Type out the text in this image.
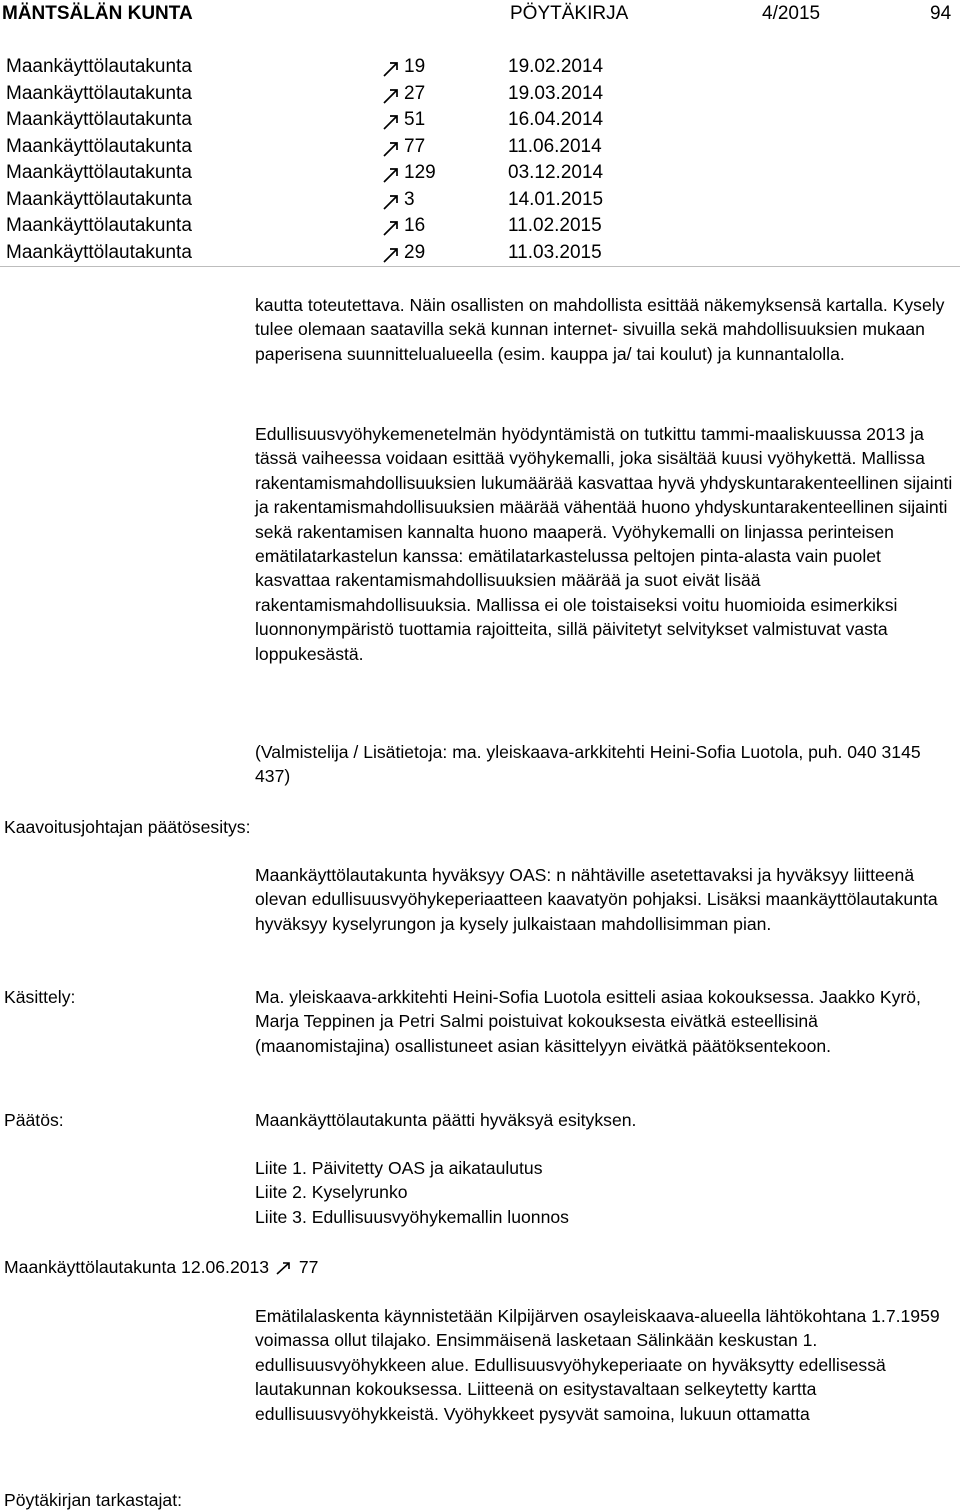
MÄNTSÄLÄN KUNTA	PÖYTÄKIRJA	4/2015	94
Maankäyttölautakunta	19	19.02.2014
Maankäyttölautakunta	27	19.03.2014
Maankäyttölautakunta	51	16.04.2014
Maankäyttölautakunta	77	11.06.2014
Maankäyttölautakunta	129	03.12.2014
Maankäyttölautakunta	3	14.01.2015
Maankäyttölautakunta	16	11.02.2015
Maankäyttölautakunta	29	11.03.2015

kautta toteutettava. Näin osallisten on mahdollista esittää näkemyksensä kartalla. Kysely tulee olemaan saatavilla sekä kunnan internet- sivuilla sekä mahdollisuuksien mukaan paperisena suunnittelualueella (esim. kauppa ja/ tai koulut) ja kunnantalolla.

Edullisuusvyöhykemenetelmän hyödyntämistä on tutkittu tammi-maaliskuussa 2013 ja tässä vaiheessa voidaan esittää vyöhykemalli, joka sisältää kuusi vyöhykettä. Mallissa rakentamismahdollisuuksien lukumäärää kasvattaa hyvä yhdyskuntarakenteellinen sijainti ja rakentamismahdollisuuksien määrää vähentää huono yhdyskuntarakenteellinen sijainti sekä rakentamisen kannalta huono maaperä. Vyöhykemalli on linjassa perinteisen emätilatarkastelun kanssa: emätilatarkastelussa peltojen pinta-alasta vain puolet kasvattaa rakentamismahdollisuuksien määrää ja suot eivät lisää rakentamismahdollisuuksia. Mallissa ei ole toistaiseksi voitu huomioida esimerkiksi luonnonympäristö tuottamia rajoitteita, sillä päivitetyt selvitykset valmistuvat vasta loppukesästä.

(Valmistelija / Lisätietoja: ma. yleiskaava-arkkitehti Heini-Sofia Luotola, puh. 040 3145 437)

Kaavoitusjohtajan päätösesitys:

Maankäyttölautakunta hyväksyy OAS: n nähtäville asetettavaksi ja hyväksyy liitteenä olevan edullisuusvyöhykeperiaatteen kaavatyön pohjaksi. Lisäksi maankäyttölautakunta hyväksyy kyselyrungon ja kysely julkaistaan mahdollisimman pian.

Käsittely:	Ma. yleiskaava-arkkitehti Heini-Sofia Luotola esitteli asiaa kokouksessa. Jaakko Kyrö, Marja Teppinen ja Petri Salmi poistuivat kokouksesta eivätkä esteellisinä (maanomistajina) osallistuneet asian käsittelyyn eivätkä päätöksentekoon.

Päätös:	Maankäyttölautakunta päätti hyväksyä esityksen.

Liite 1. Päivitetty OAS ja aikataulutus

Liite 2. Kyselyrunko

Liite 3. Edullisuusvyöhykemallin luonnos

Maankäyttölautakunta 12.06.2013 77

Emätilalaskenta käynnistetään Kilpijärven osayleiskaava-alueella lähtökohtana 1.7.1959 voimassa ollut tilajako. Ensimmäisenä lasketaan Sälinkään keskustan 1. edullisuusvyöhykkeen alue. Edullisuusvyöhykeperiaate on hyväksytty edellisessä lautakunnan kokouksessa. Liitteenä on esitystavaltaan selkeytetty kartta edullisuusvyöhykkeistä. Vyöhykkeet pysyvät samoina, lukuun ottamatta

Pöytäkirjan tarkastajat:
